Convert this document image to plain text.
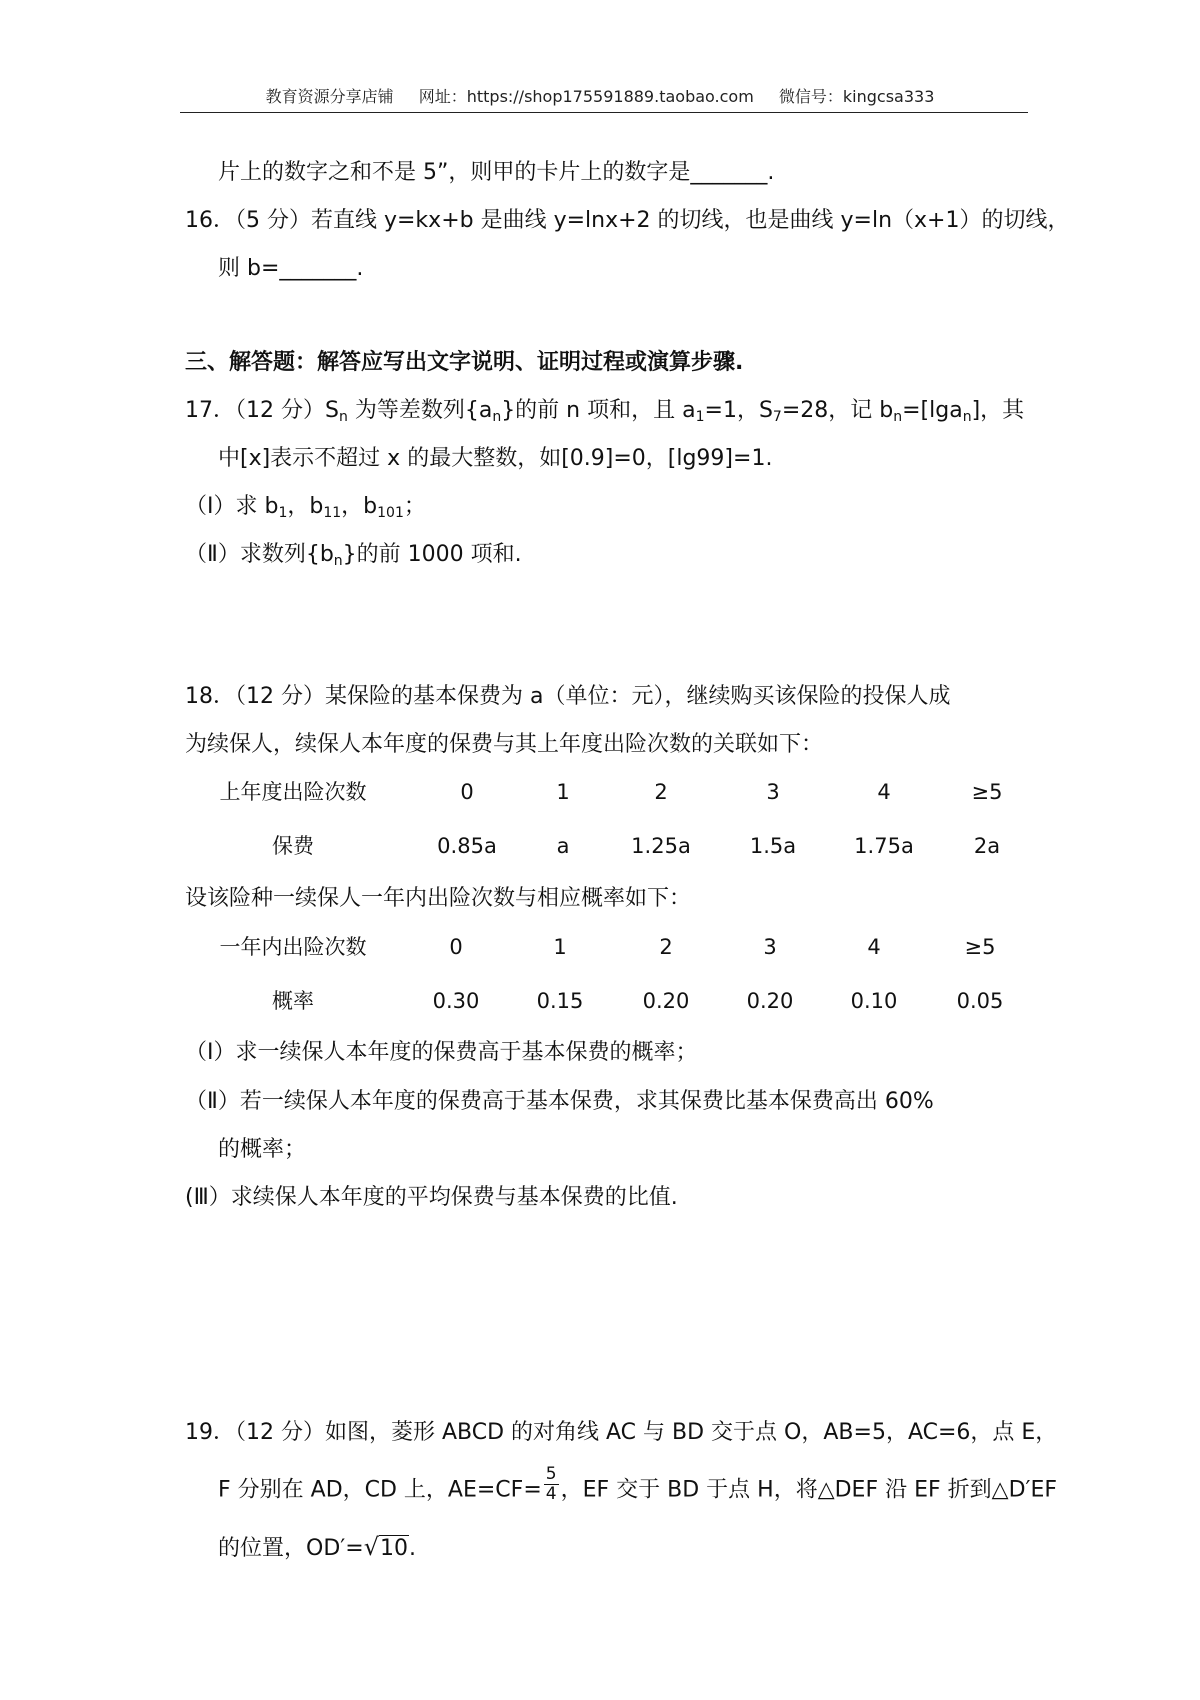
教育资源分享店铺 网址：https://shop175591889.taobao.com 微信号：kingcsa333
片上的数字之和不是 5”，则甲的卡片上的数字是_______.
16．（5 分）若直线 y=kx+b 是曲线 y=lnx+2 的切线，也是曲线 y=ln（x+1）的切线，
则 b=_______.
三、解答题：解答应写出文字说明、证明过程或演算步骤.
17．（12 分）$S_n$ 为等差数列$\{a_n\}$的前 n 项和，且 $a_1=1$，$S_7=28$，记 $b_n=[\lg a_n]$，其
中[x]表示不超过 x 的最大整数，如[0.9]=0，[lg99]=1.
（Ⅰ）求 $b_1$，$b_{11}$，$b_{101}$；
（Ⅱ）求数列$\{b_n\}$的前 1000 项和.
18．（12 分）某保险的基本保费为 a（单位：元），继续购买该保险的投保人成
为续保人，续保人本年度的保费与其上年度出险次数的关联如下：
上年度出险次数	0	1	2	3	4	≥5
保费	0.85a	a	1.25a	1.5a	1.75a	2a
设该险种一续保人一年内出险次数与相应概率如下：
一年内出险次数	0	1	2	3	4	≥5
概率	0.30	0.15	0.20	0.20	0.10	0.05
（Ⅰ）求一续保人本年度的保费高于基本保费的概率；
（Ⅱ）若一续保人本年度的保费高于基本保费，求其保费比基本保费高出 60%
的概率；
(Ⅲ）求续保人本年度的平均保费与基本保费的比值.
19．（12 分）如图，菱形 ABCD 的对角线 AC 与 BD 交于点 O，AB=5，AC=6，点 E，
F 分别在 AD，CD 上，$AE=CF= \frac{5}{4}$ ，EF 交于 BD 于点 H，将△DEF 沿 EF 折到△D′EF
的位置，OD′=√10.
